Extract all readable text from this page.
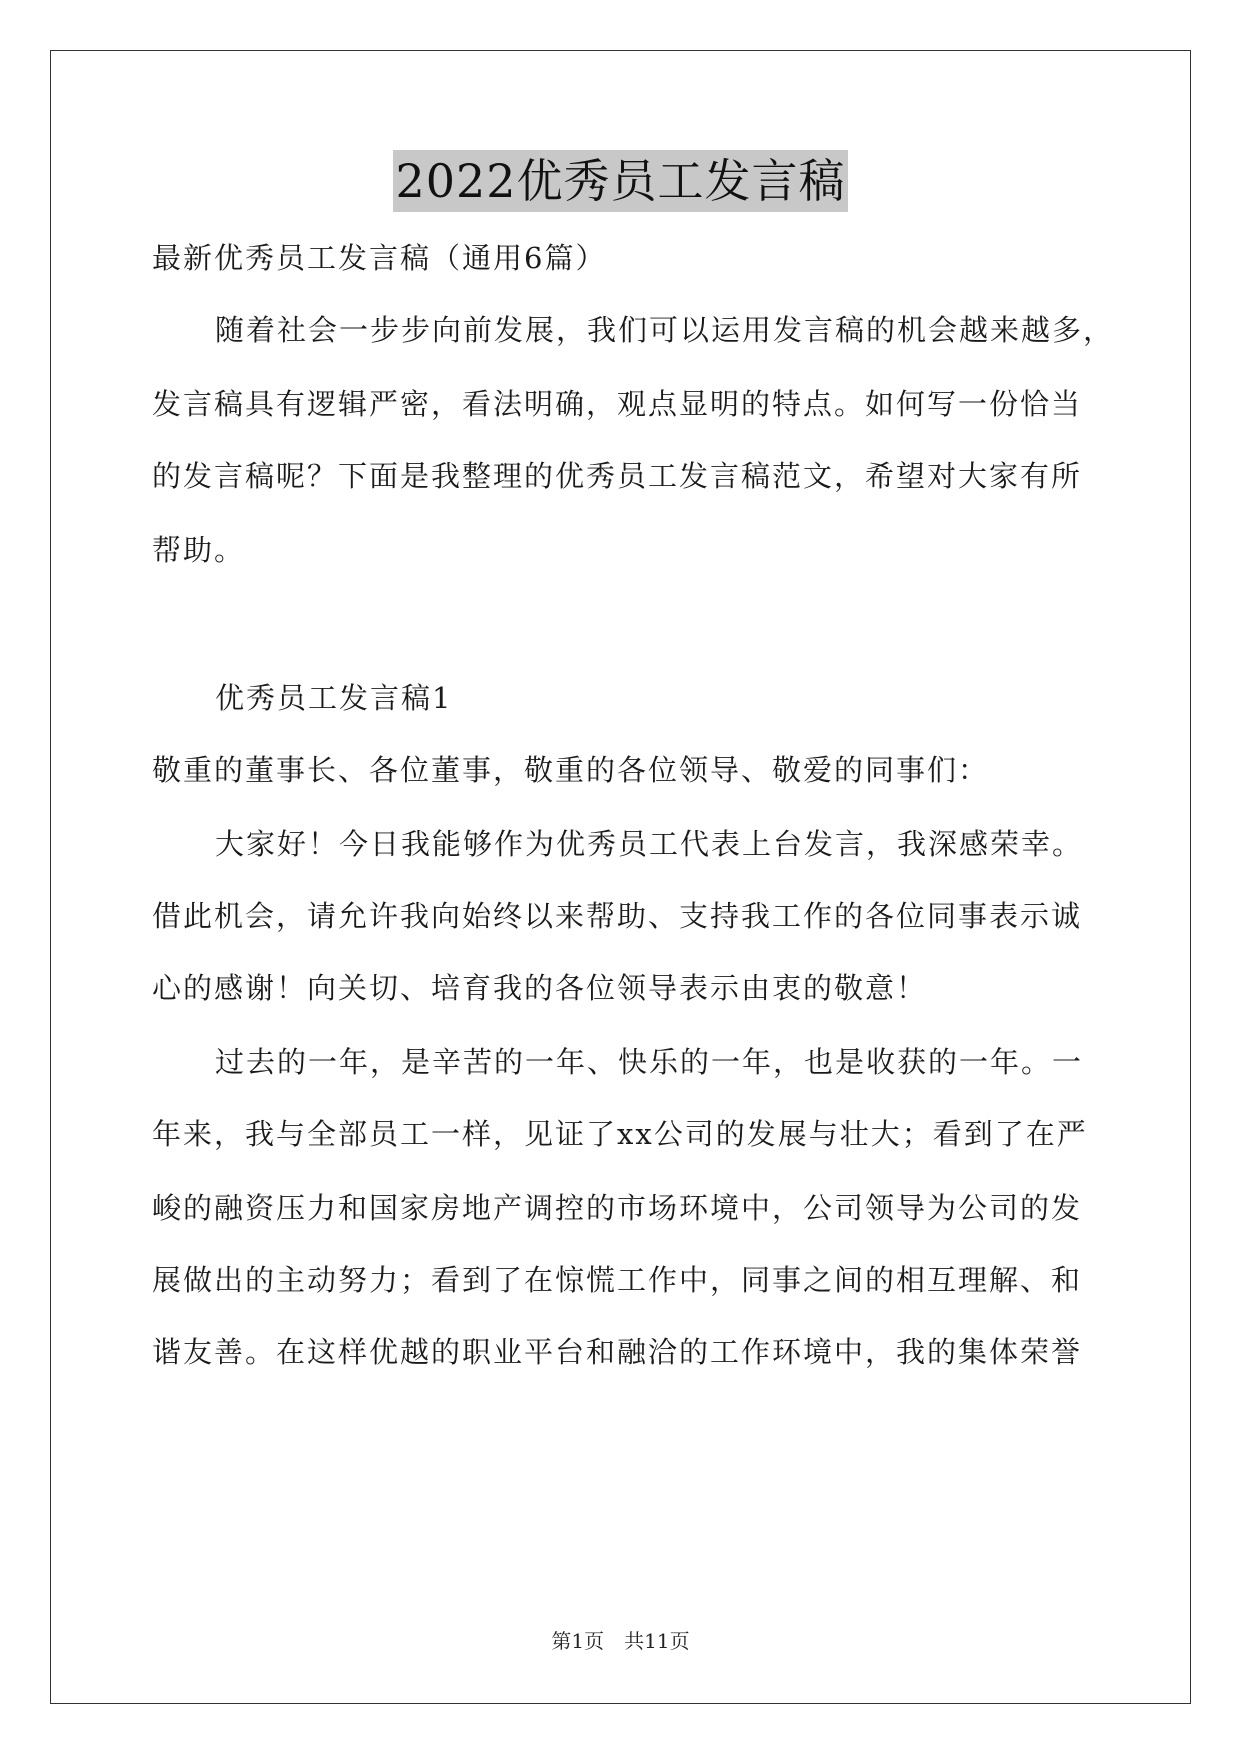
2022优秀员工发言稿
最新优秀员工发言稿（通用6篇）
随着社会一步步向前发展，我们可以运用发言稿的机会越来越多，
发言稿具有逻辑严密，看法明确，观点显明的特点。如何写一份恰当
的发言稿呢？下面是我整理的优秀员工发言稿范文，希望对大家有所
帮助。
优秀员工发言稿1
敬重的董事长、各位董事，敬重的各位领导、敬爱的同事们：
大家好！今日我能够作为优秀员工代表上台发言，我深感荣幸。
借此机会，请允许我向始终以来帮助、支持我工作的各位同事表示诚
心的感谢！向关切、培育我的各位领导表示由衷的敬意！
过去的一年，是辛苦的一年、快乐的一年，也是收获的一年。一
年来，我与全部员工一样，见证了xx公司的发展与壮大；看到了在严
峻的融资压力和国家房地产调控的市场环境中，公司领导为公司的发
展做出的主动努力；看到了在惊慌工作中，同事之间的相互理解、和
谐友善。在这样优越的职业平台和融洽的工作环境中，我的集体荣誉
第1页　共11页
